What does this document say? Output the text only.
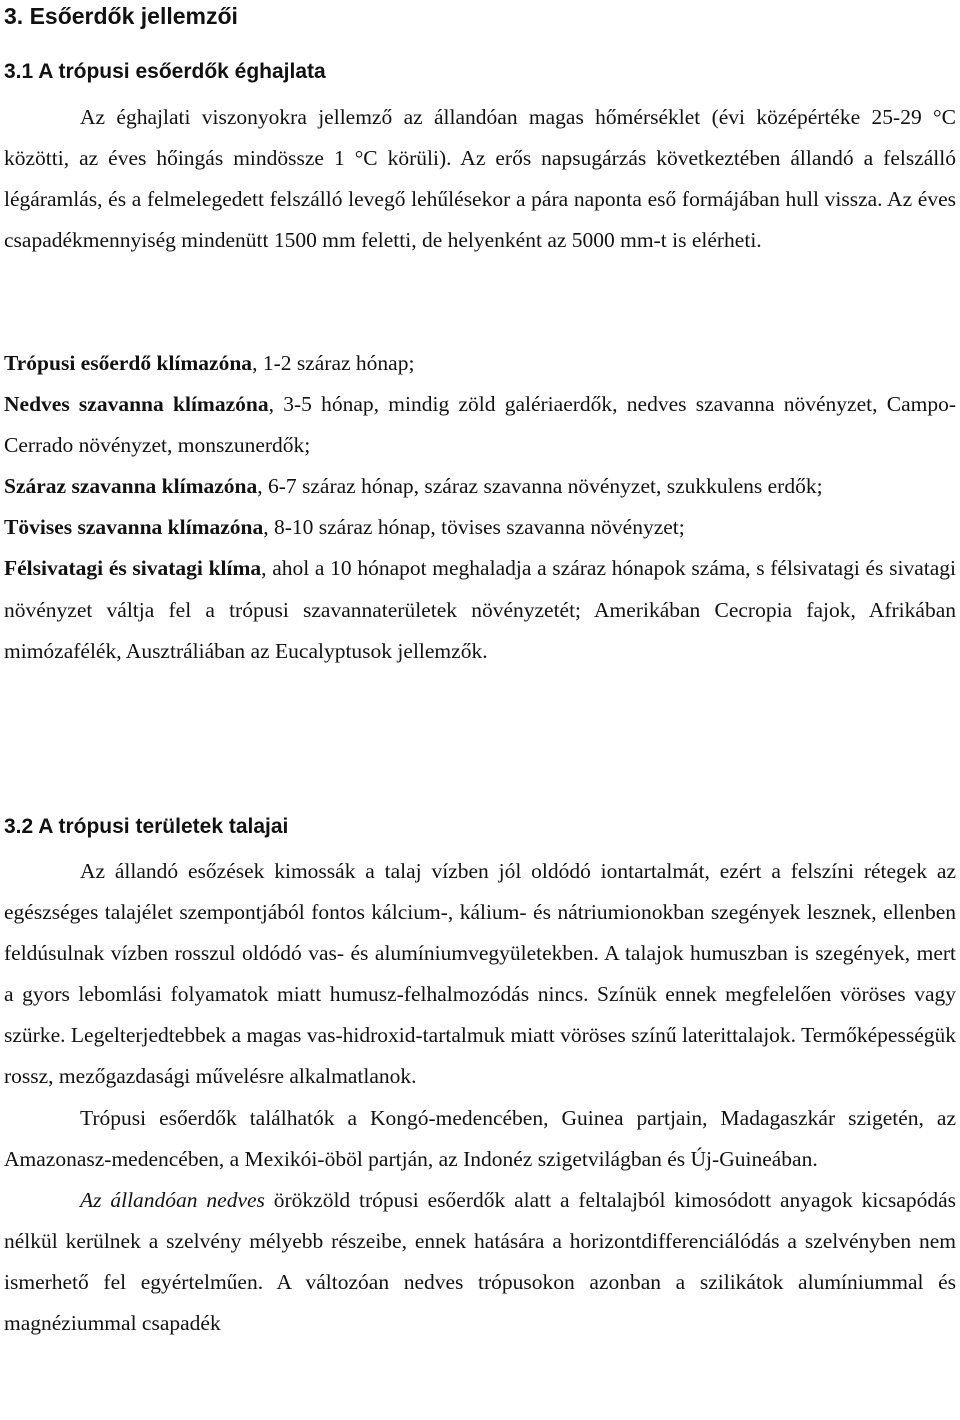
3. Esőerdők jellemzői
3.1 A trópusi esőerdők éghajlata

Az éghajlati viszonyokra jellemző az állandóan magas hőmérséklet (évi középértéke 25-29 °C közötti, az éves hőingás mindössze 1 °C körüli). Az erős napsugárzás következtében állandó a felszálló légáramlás, és a felmelegedett felszálló levegő lehűlésekor a pára naponta eső formájában hull vissza. Az éves csapadékmennyiség mindenütt 1500 mm feletti, de helyenként az 5000 mm-t is elérheti.

Trópusi esőerdő klímazóna, 1-2 száraz hónap;

Nedves szavanna klímazóna, 3-5 hónap, mindig zöld galériaerdők, nedves szavanna növényzet, Campo-Cerrado növényzet, monszunerdők;

Száraz szavanna klímazóna, 6-7 száraz hónap, száraz szavanna növényzet, szukkulens erdők;

Tövises szavanna klímazóna, 8-10 száraz hónap, tövises szavanna növényzet;

Félsivatagi és sivatagi klíma, ahol a 10 hónapot meghaladja a száraz hónapok száma, s félsivatagi és sivatagi növényzet váltja fel a trópusi szavannaterületek növényzetét; Amerikában Cecropia fajok, Afrikában mimózafélék, Ausztráliában az Eucalyptusok jellemzők.

3.2 A trópusi területek talajai

Az állandó esőzések kimossák a talaj vízben jól oldódó iontartalmát, ezért a felszíni rétegek az egészséges talajélet szempontjából fontos kálcium-, kálium- és nátriumionokban szegények lesznek, ellenben feldúsulnak vízben rosszul oldódó vas- és alumíniumvegyületekben. A talajok humuszban is szegények, mert a gyors lebomlási folyamatok miatt humusz-felhalmozódás nincs. Színük ennek megfelelően vöröses vagy szürke. Legelterjedtebbek a magas vas-hidroxid-tartalmuk miatt vöröses színű laterittalajok. Termőképességük rossz, mezőgazdasági művelésre alkalmatlanok.

Trópusi esőerdők találhatók a Kongó-medencében, Guinea partjain, Madagaszkár szigetén, az Amazonasz-medencében, a Mexikói-öböl partján, az Indonéz szigetvilágban és Új-Guineában.

Az állandóan nedves örökzöld trópusi esőerdők alatt a feltalajból kimosódott anyagok kicsapódás nélkül kerülnek a szelvény mélyebb részeibe, ennek hatására a horizontdifferenciálódás a szelvényben nem ismerhető fel egyértelműen. A változóan nedves trópusokon azonban a szilikátok alumíniummal és magnéziummal csapadék
